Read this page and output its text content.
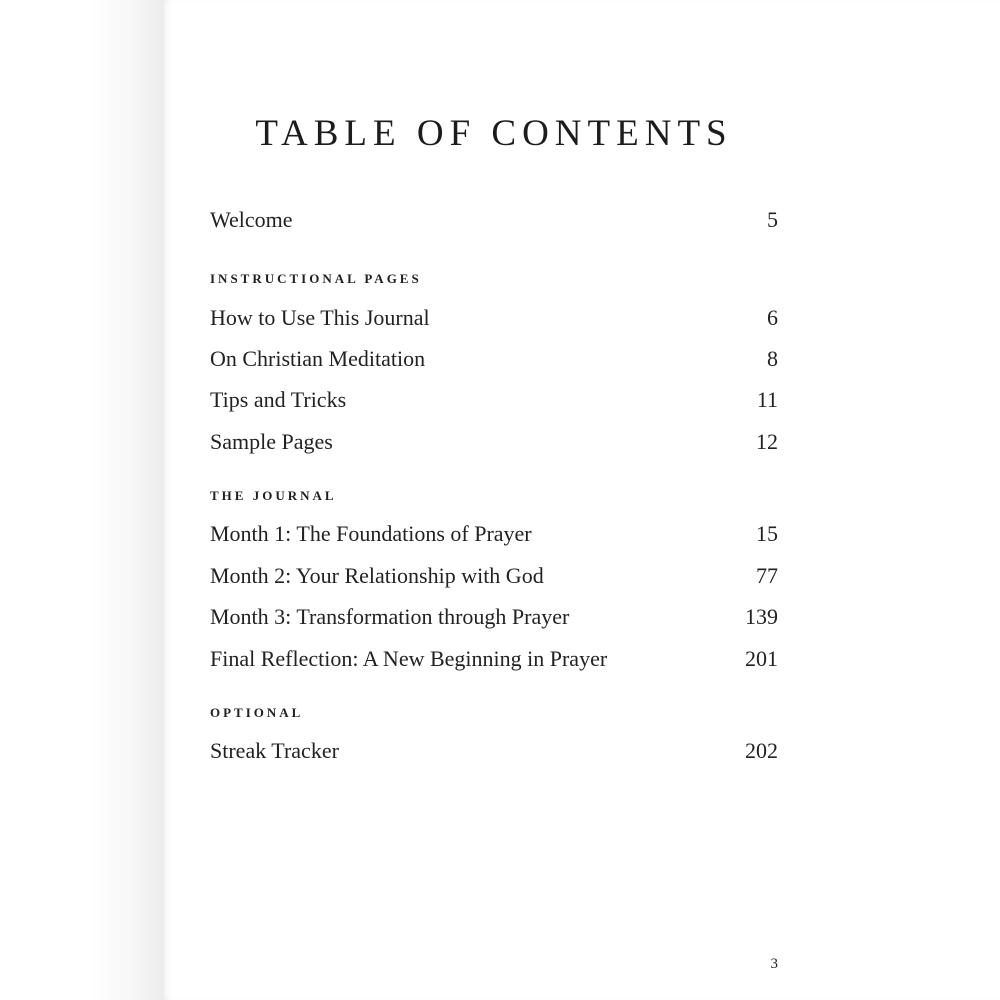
TABLE OF CONTENTS
Welcome	5
INSTRUCTIONAL PAGES
How to Use This Journal	6
On Christian Meditation	8
Tips and Tricks	11
Sample Pages	12
THE JOURNAL
Month 1: The Foundations of Prayer	15
Month 2: Your Relationship with God	77
Month 3: Transformation through Prayer	139
Final Reflection: A New Beginning in Prayer	201
OPTIONAL
Streak Tracker	202
3
